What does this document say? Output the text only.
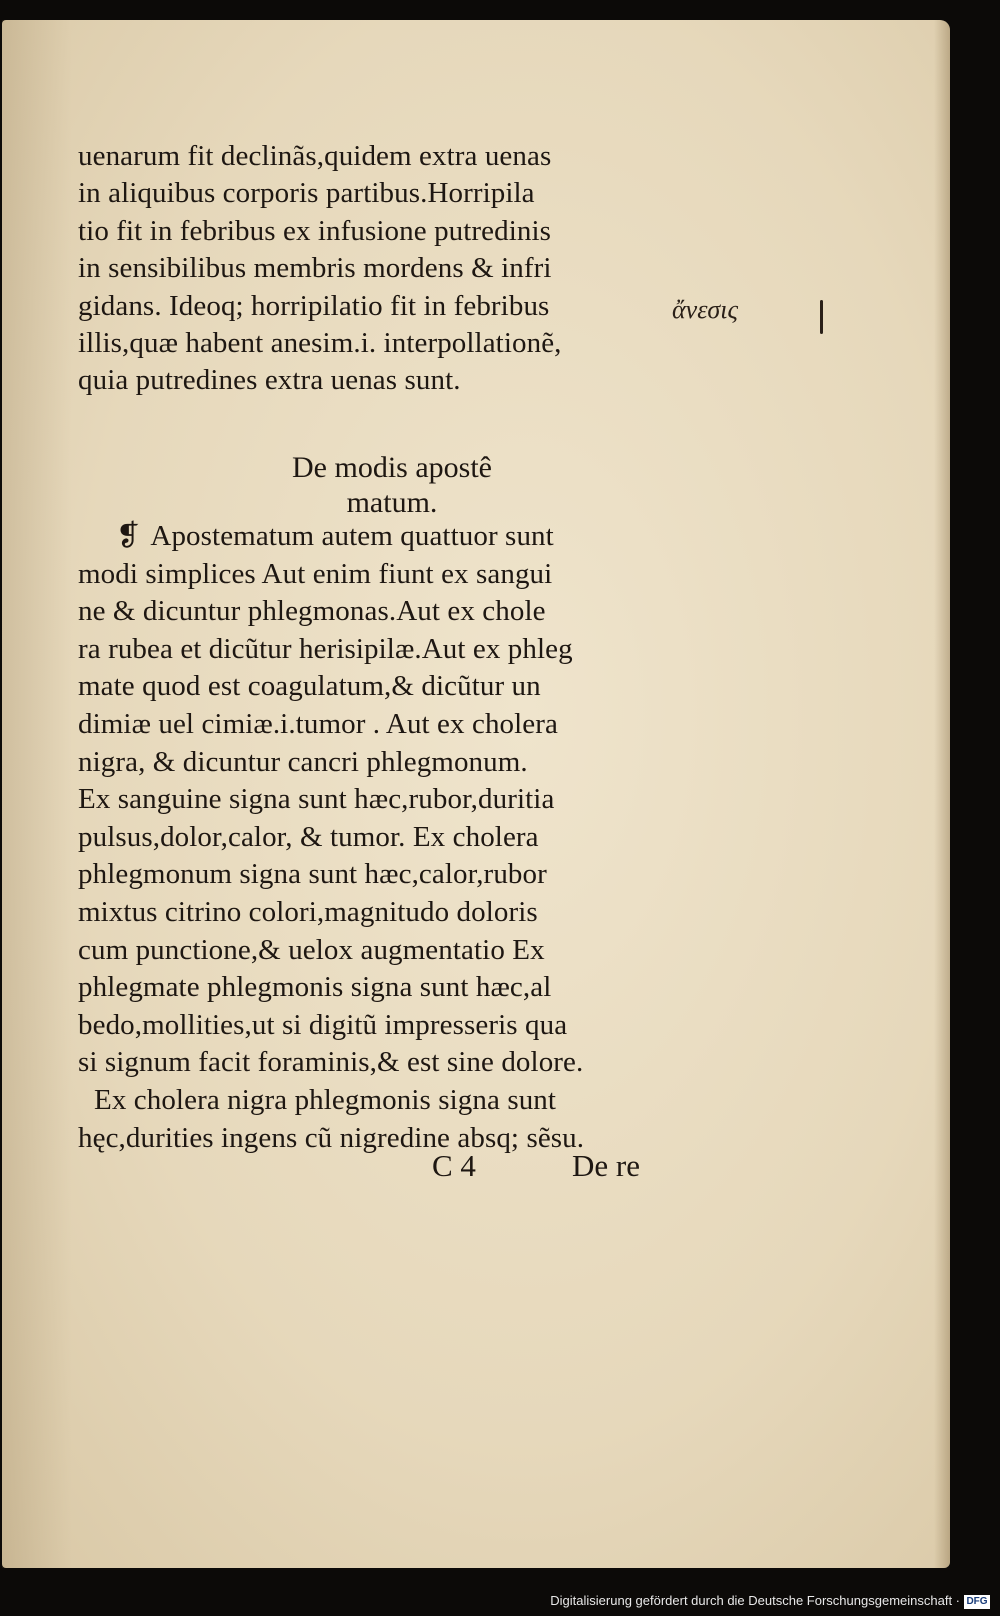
uenarum fit declinãs,quidem extra uenas
in aliquibus corporis partibus.Horripila
tio fit in febribus ex infusione putredinis
in sensibilibus membris mordens & infri
gidans. Ideoq; horripilatio fit in febribus
illis,quæ habent anesim.i. interpollationẽ,
quia putredines extra uenas sunt.
ἄνεσις
De modis apostê
matum.
❡ Apostematum autem quattuor sunt
modi simplices Aut enim fiunt ex sangui
ne & dicuntur phlegmonas.Aut ex chole
ra rubea et dicũtur herisipilæ.Aut ex phleg
mate quod est coagulatum,& dicũtur un
dimiæ uel cimiæ.i.tumor . Aut ex cholera
nigra, & dicuntur cancri phlegmonum.
Ex sanguine signa sunt hæc,rubor,duritia
pulsus,dolor,calor, & tumor. Ex cholera
phlegmonum signa sunt hæc,calor,rubor
mixtus citrino colori,magnitudo doloris
cum punctione,& uelox augmentatio Ex
phlegmate phlegmonis signa sunt hæc,al
bedo,mollities,ut si digitũ impresseris qua
si signum facit foraminis,& est sine dolore.
Ex cholera nigra phlegmonis signa sunt
hęc,durities ingens cũ nigredine absq; sẽsu.
C 4	De re
Digitalisierung gefördert durch die Deutsche Forschungsgemeinschaft · DFG
